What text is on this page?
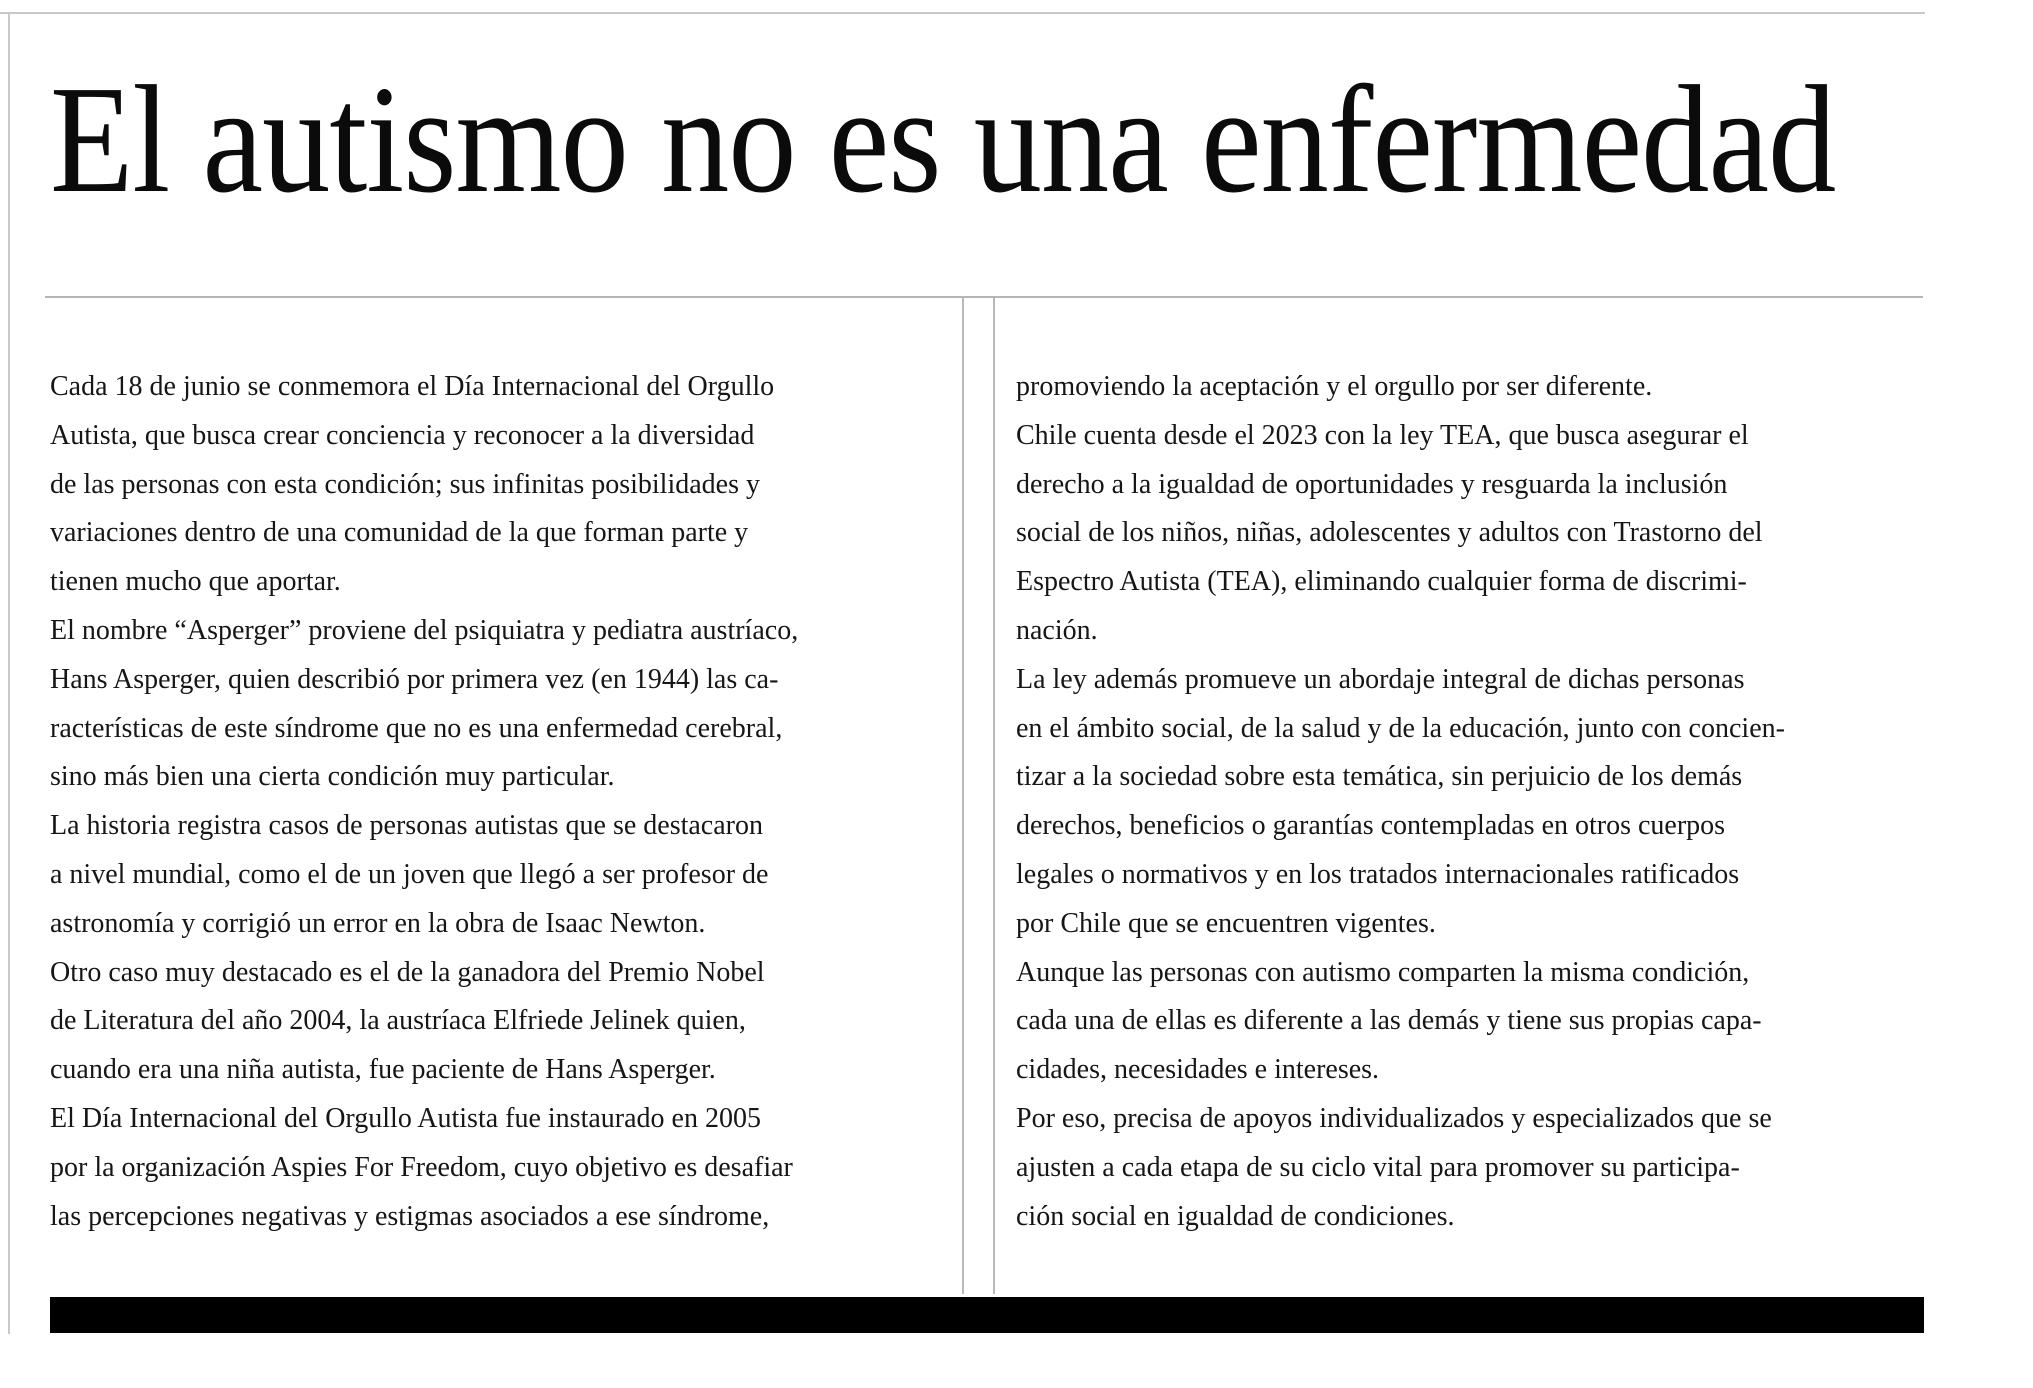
El autismo no es una enfermedad
Cada 18 de junio se conmemora el Día Internacional del Orgullo
Autista, que busca crear conciencia y reconocer a la diversidad
de las personas con esta condición; sus infinitas posibilidades y
variaciones dentro de una comunidad de la que forman parte y
tienen mucho que aportar.
El nombre “Asperger” proviene del psiquiatra y pediatra austríaco,
Hans Asperger, quien describió por primera vez (en 1944) las ca-
racterísticas de este síndrome que no es una enfermedad cerebral,
sino más bien una cierta condición muy particular.
La historia registra casos de personas autistas que se destacaron
a nivel mundial, como el de un joven que llegó a ser profesor de
astronomía y corrigió un error en la obra de Isaac Newton.
Otro caso muy destacado es el de la ganadora del Premio Nobel
de Literatura del año 2004, la austríaca Elfriede Jelinek quien,
cuando era una niña autista, fue paciente de Hans Asperger.
El Día Internacional del Orgullo Autista fue instaurado en 2005
por la organización Aspies For Freedom, cuyo objetivo es desafiar
las percepciones negativas y estigmas asociados a ese síndrome,
promoviendo la aceptación y el orgullo por ser diferente.
Chile cuenta desde el 2023 con la ley TEA, que busca asegurar el
derecho a la igualdad de oportunidades y resguarda la inclusión
social de los niños, niñas, adolescentes y adultos con Trastorno del
Espectro Autista (TEA), eliminando cualquier forma de discrimi-
nación.
La ley además promueve un abordaje integral de dichas personas
en el ámbito social, de la salud y de la educación, junto con concien-
tizar a la sociedad sobre esta temática, sin perjuicio de los demás
derechos, beneficios o garantías contempladas en otros cuerpos
legales o normativos y en los tratados internacionales ratificados
por Chile que se encuentren vigentes.
Aunque las personas con autismo comparten la misma condición,
cada una de ellas es diferente a las demás y tiene sus propias capa-
cidades, necesidades e intereses.
Por eso, precisa de apoyos individualizados y especializados que se
ajusten a cada etapa de su ciclo vital para promover su participa-
ción social en igualdad de condiciones.
